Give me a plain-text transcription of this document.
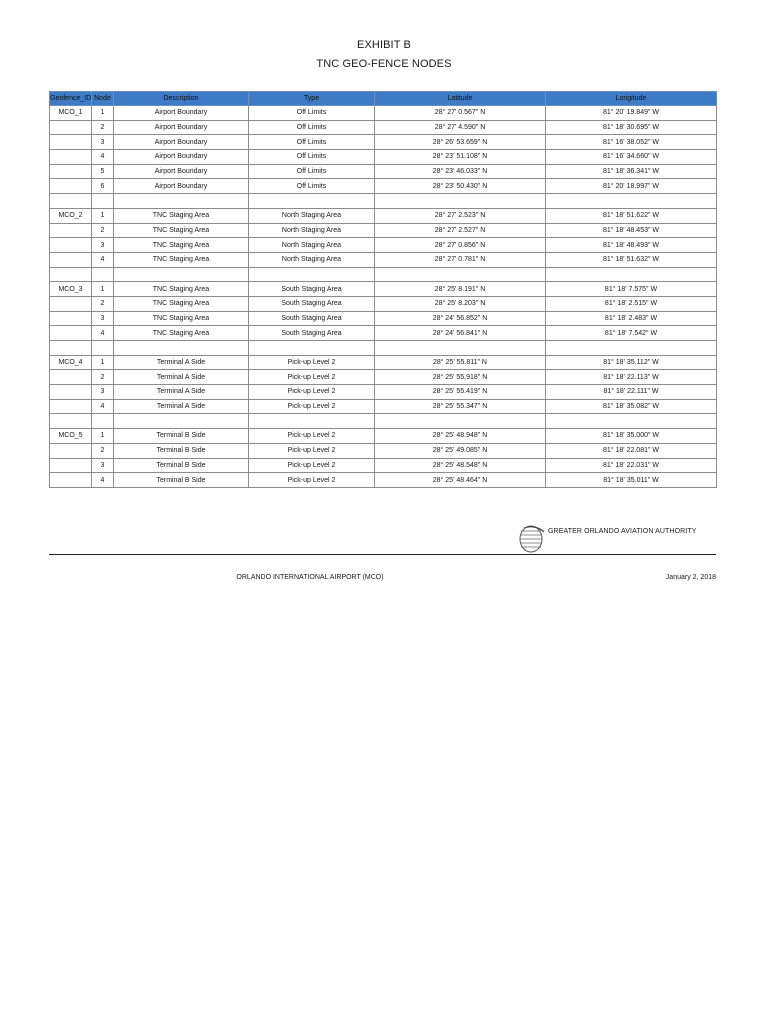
EXHIBIT B
TNC GEO-FENCE NODES
Geofence_ID	Node	Description	Type	Latitude	Longitude
MCO_1	1	Airport Boundary	Off Limits	28° 27' 0.567" N	81° 20' 19.849" W
	2	Airport Boundary	Off Limits	28° 27' 4.590" N	81° 18' 30.695" W
	3	Airport Boundary	Off Limits	28° 26' 53.659" N	81° 16' 38.052" W
	4	Airport Boundary	Off Limits	28° 23' 51.108" N	81° 16' 34.660" W
	5	Airport Boundary	Off Limits	28° 23' 46.033" N	81° 18' 36.341" W
	6	Airport Boundary	Off Limits	28° 23' 50.430" N	81° 20' 18.997" W

MCO_2	1	TNC Staging Area	North Staging Area	28° 27' 2.523" N	81° 18' 51.622" W
	2	TNC Staging Area	North Staging Area	28° 27' 2.527" N	81° 18' 48.453" W
	3	TNC Staging Area	North Staging Area	28° 27' 0.856" N	81° 18' 48.493" W
	4	TNC Staging Area	North Staging Area	28° 27' 0.781" N	81° 18' 51.632" W

MCO_3	1	TNC Staging Area	South Staging Area	28° 25' 8.191" N	81° 18' 7.575" W
	2	TNC Staging Area	South Staging Area	28° 25' 8.203" N	81° 18' 2.515" W
	3	TNC Staging Area	South Staging Area	28° 24' 56.852" N	81° 18' 2.483" W
	4	TNC Staging Area	South Staging Area	28° 24' 56.841" N	81° 18' 7.542" W

MCO_4	1	Terminal A Side	Pick-up Level 2	28° 25' 55.811" N	81° 18' 35.112" W
	2	Terminal A Side	Pick-up Level 2	28° 25' 55.918" N	81° 18' 22.113" W
	3	Terminal A Side	Pick-up Level 2	28° 25' 55.419" N	81° 18' 22.111" W
	4	Terminal A Side	Pick-up Level 2	28° 25' 55.347" N	81° 18' 35.082" W

MCO_5	1	Terminal B Side	Pick-up Level 2	28° 25' 48.948" N	81° 18' 35.000" W
	2	Terminal B Side	Pick-up Level 2	28° 25' 49.085" N	81° 18' 22.081" W
	3	Terminal B Side	Pick-up Level 2	28° 25' 48.548" N	81° 18' 22.031" W
	4	Terminal B Side	Pick-up Level 2	28° 25' 48.464" N	81° 18' 35.011" W
GREATER ORLANDO AVIATION AUTHORITY
ORLANDO INTERNATIONAL AIRPORT (MCO)	January 2, 2018
